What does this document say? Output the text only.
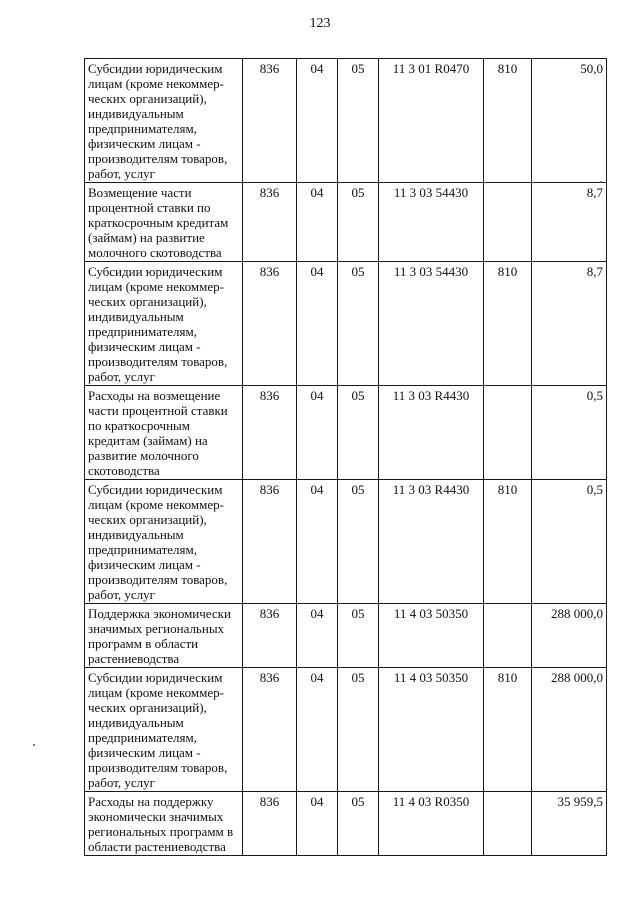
123
Субсидии юридическим лицам (кроме некоммер-ческих организаций), индивидуальным предпринимателям, физическим лицам - производителям товаров, работ, услуг	836	04	05	11 3 01 R0470	810	50,0
Возмещение части процентной ставки по краткосрочным кредитам (займам) на развитие молочного скотоводства	836	04	05	11 3 03 54430		8,7
Субсидии юридическим лицам (кроме некоммер-ческих организаций), индивидуальным предпринимателям, физическим лицам - производителям товаров, работ, услуг	836	04	05	11 3 03 54430	810	8,7
Расходы на возмещение части процентной ставки по краткосрочным кредитам (займам) на развитие молочного скотоводства	836	04	05	11 3 03 R4430		0,5
Субсидии юридическим лицам (кроме некоммер-ческих организаций), индивидуальным предпринимателям, физическим лицам - производителям товаров, работ, услуг	836	04	05	11 3 03 R4430	810	0,5
Поддержка экономически значимых региональных программ в области растениеводства	836	04	05	11 4 03 50350		288 000,0
Субсидии юридическим лицам (кроме некоммер-ческих организаций), индивидуальным предпринимателям, физическим лицам - производителям товаров, работ, услуг	836	04	05	11 4 03 50350	810	288 000,0
Расходы на поддержку экономически значимых региональных программ в области растениеводства	836	04	05	11 4 03 R0350		35 959,5
